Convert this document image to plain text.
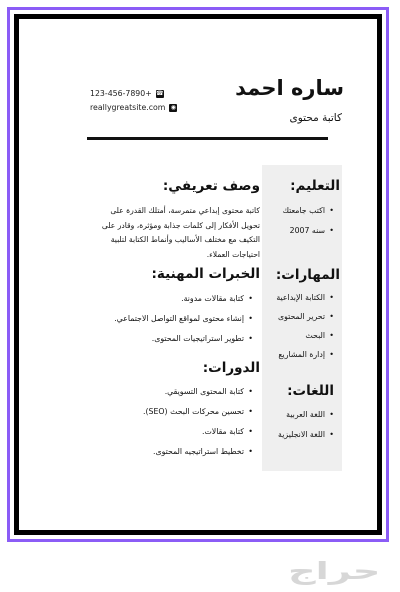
ساره احمد
كاتبة محتوى
123-456-7890+ ☎
reallygreatsite.com ◉
التعليم:
• اكتب جامعتك
• سنه 2007
المهارات:
• الكتابة الإبداعية
• تحرير المحتوى
• البحث
• إدارة المشاريع
اللغات:
• اللغة العربية
• اللغة الانجليزية
وصف تعريفي:
كاتبة محتوى إبداعي متمرسة، أمتلك القدرة على تحويل الأفكار إلى كلمات جذابة ومؤثرة، وقادر على التكيف مع مختلف الأساليب وأنماط الكتابة لتلبية احتياجات العملاء.
الخبرات المهنية:
• كتابة مقالات مدونة.
• إنشاء محتوى لمواقع التواصل الاجتماعي.
• تطوير استراتيجيات المحتوى.
الدورات:
• كتابة المحتوى التسويقي.
• تحسين محركات البحث (SEO).
• كتابة مقالات.
• تخطيط استراتيجيه المحتوى.
حراج
